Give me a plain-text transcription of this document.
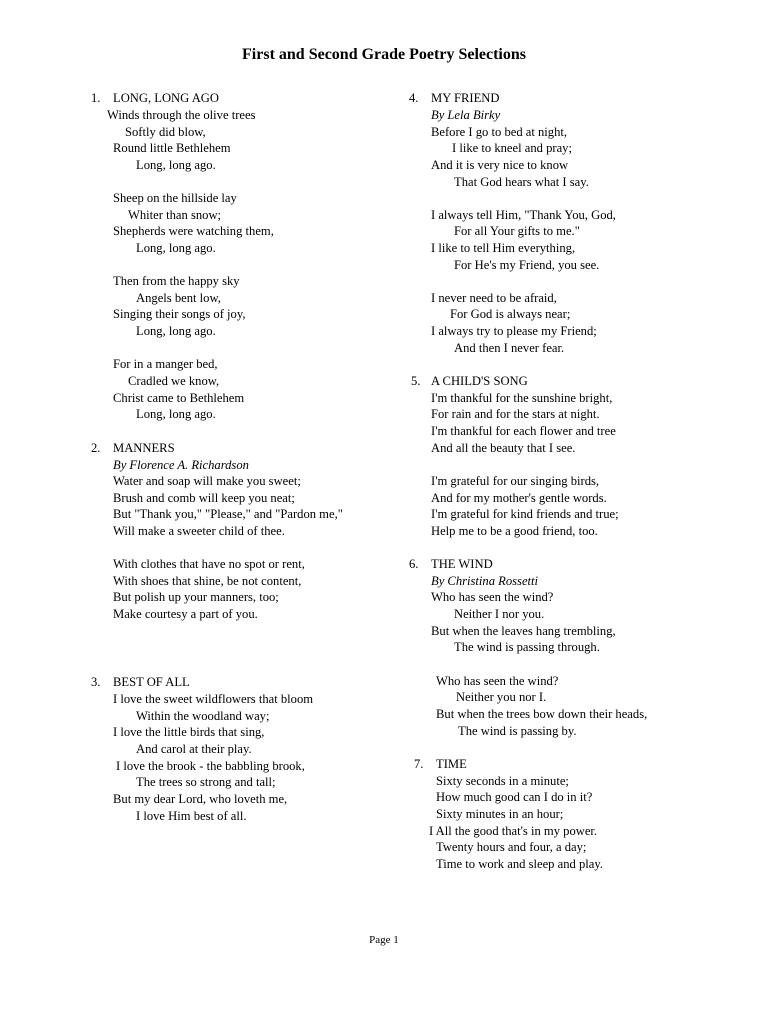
First and Second Grade Poetry Selections
1. LONG, LONG AGO
Winds through the olive trees
Softly did blow,
Round little Bethlehem
Long, long ago.
Sheep on the hillside lay
Whiter than snow;
Shepherds were watching them,
Long, long ago.
Then from the happy sky
Angels bent low,
Singing their songs of joy,
Long, long ago.
For in a manger bed,
Cradled we know,
Christ came to Bethlehem
Long, long ago.
2. MANNERS
By Florence A. Richardson
Water and soap will make you sweet;
Brush and comb will keep you neat;
But "Thank you," "Please," and "Pardon me,"
Will make a sweeter child of thee.
With clothes that have no spot or rent,
With shoes that shine, be not content,
But polish up your manners, too;
Make courtesy a part of you.
3. BEST OF ALL
I love the sweet wildflowers that bloom
Within the woodland way;
I love the little birds that sing,
And carol at their play.
I love the brook - the babbling brook,
The trees so strong and tall;
But my dear Lord, who loveth me,
I love Him best of all.
4. MY FRIEND
By Lela Birky
Before I go to bed at night,
I like to kneel and pray;
And it is very nice to know
That God hears what I say.
I always tell Him, "Thank You, God,
For all Your gifts to me."
I like to tell Him everything,
For He's my Friend, you see.
I never need to be afraid,
For God is always near;
I always try to please my Friend;
And then I never fear.
5. A CHILD'S SONG
I'm thankful for the sunshine bright,
For rain and for the stars at night.
I'm thankful for each flower and tree
And all the beauty that I see.
I'm grateful for our singing birds,
And for my mother's gentle words.
I'm grateful for kind friends and true;
Help me to be a good friend, too.
6. THE WIND
By Christina Rossetti
Who has seen the wind?
Neither I nor you.
But when the leaves hang trembling,
The wind is passing through.
Who has seen the wind?
Neither you nor I.
But when the trees bow down their heads,
The wind is passing by.
7. TIME
Sixty seconds in a minute;
How much good can I do in it?
Sixty minutes in an hour;
I All the good that's in my power.
Twenty hours and four, a day;
Time to work and sleep and play.
Page 1
